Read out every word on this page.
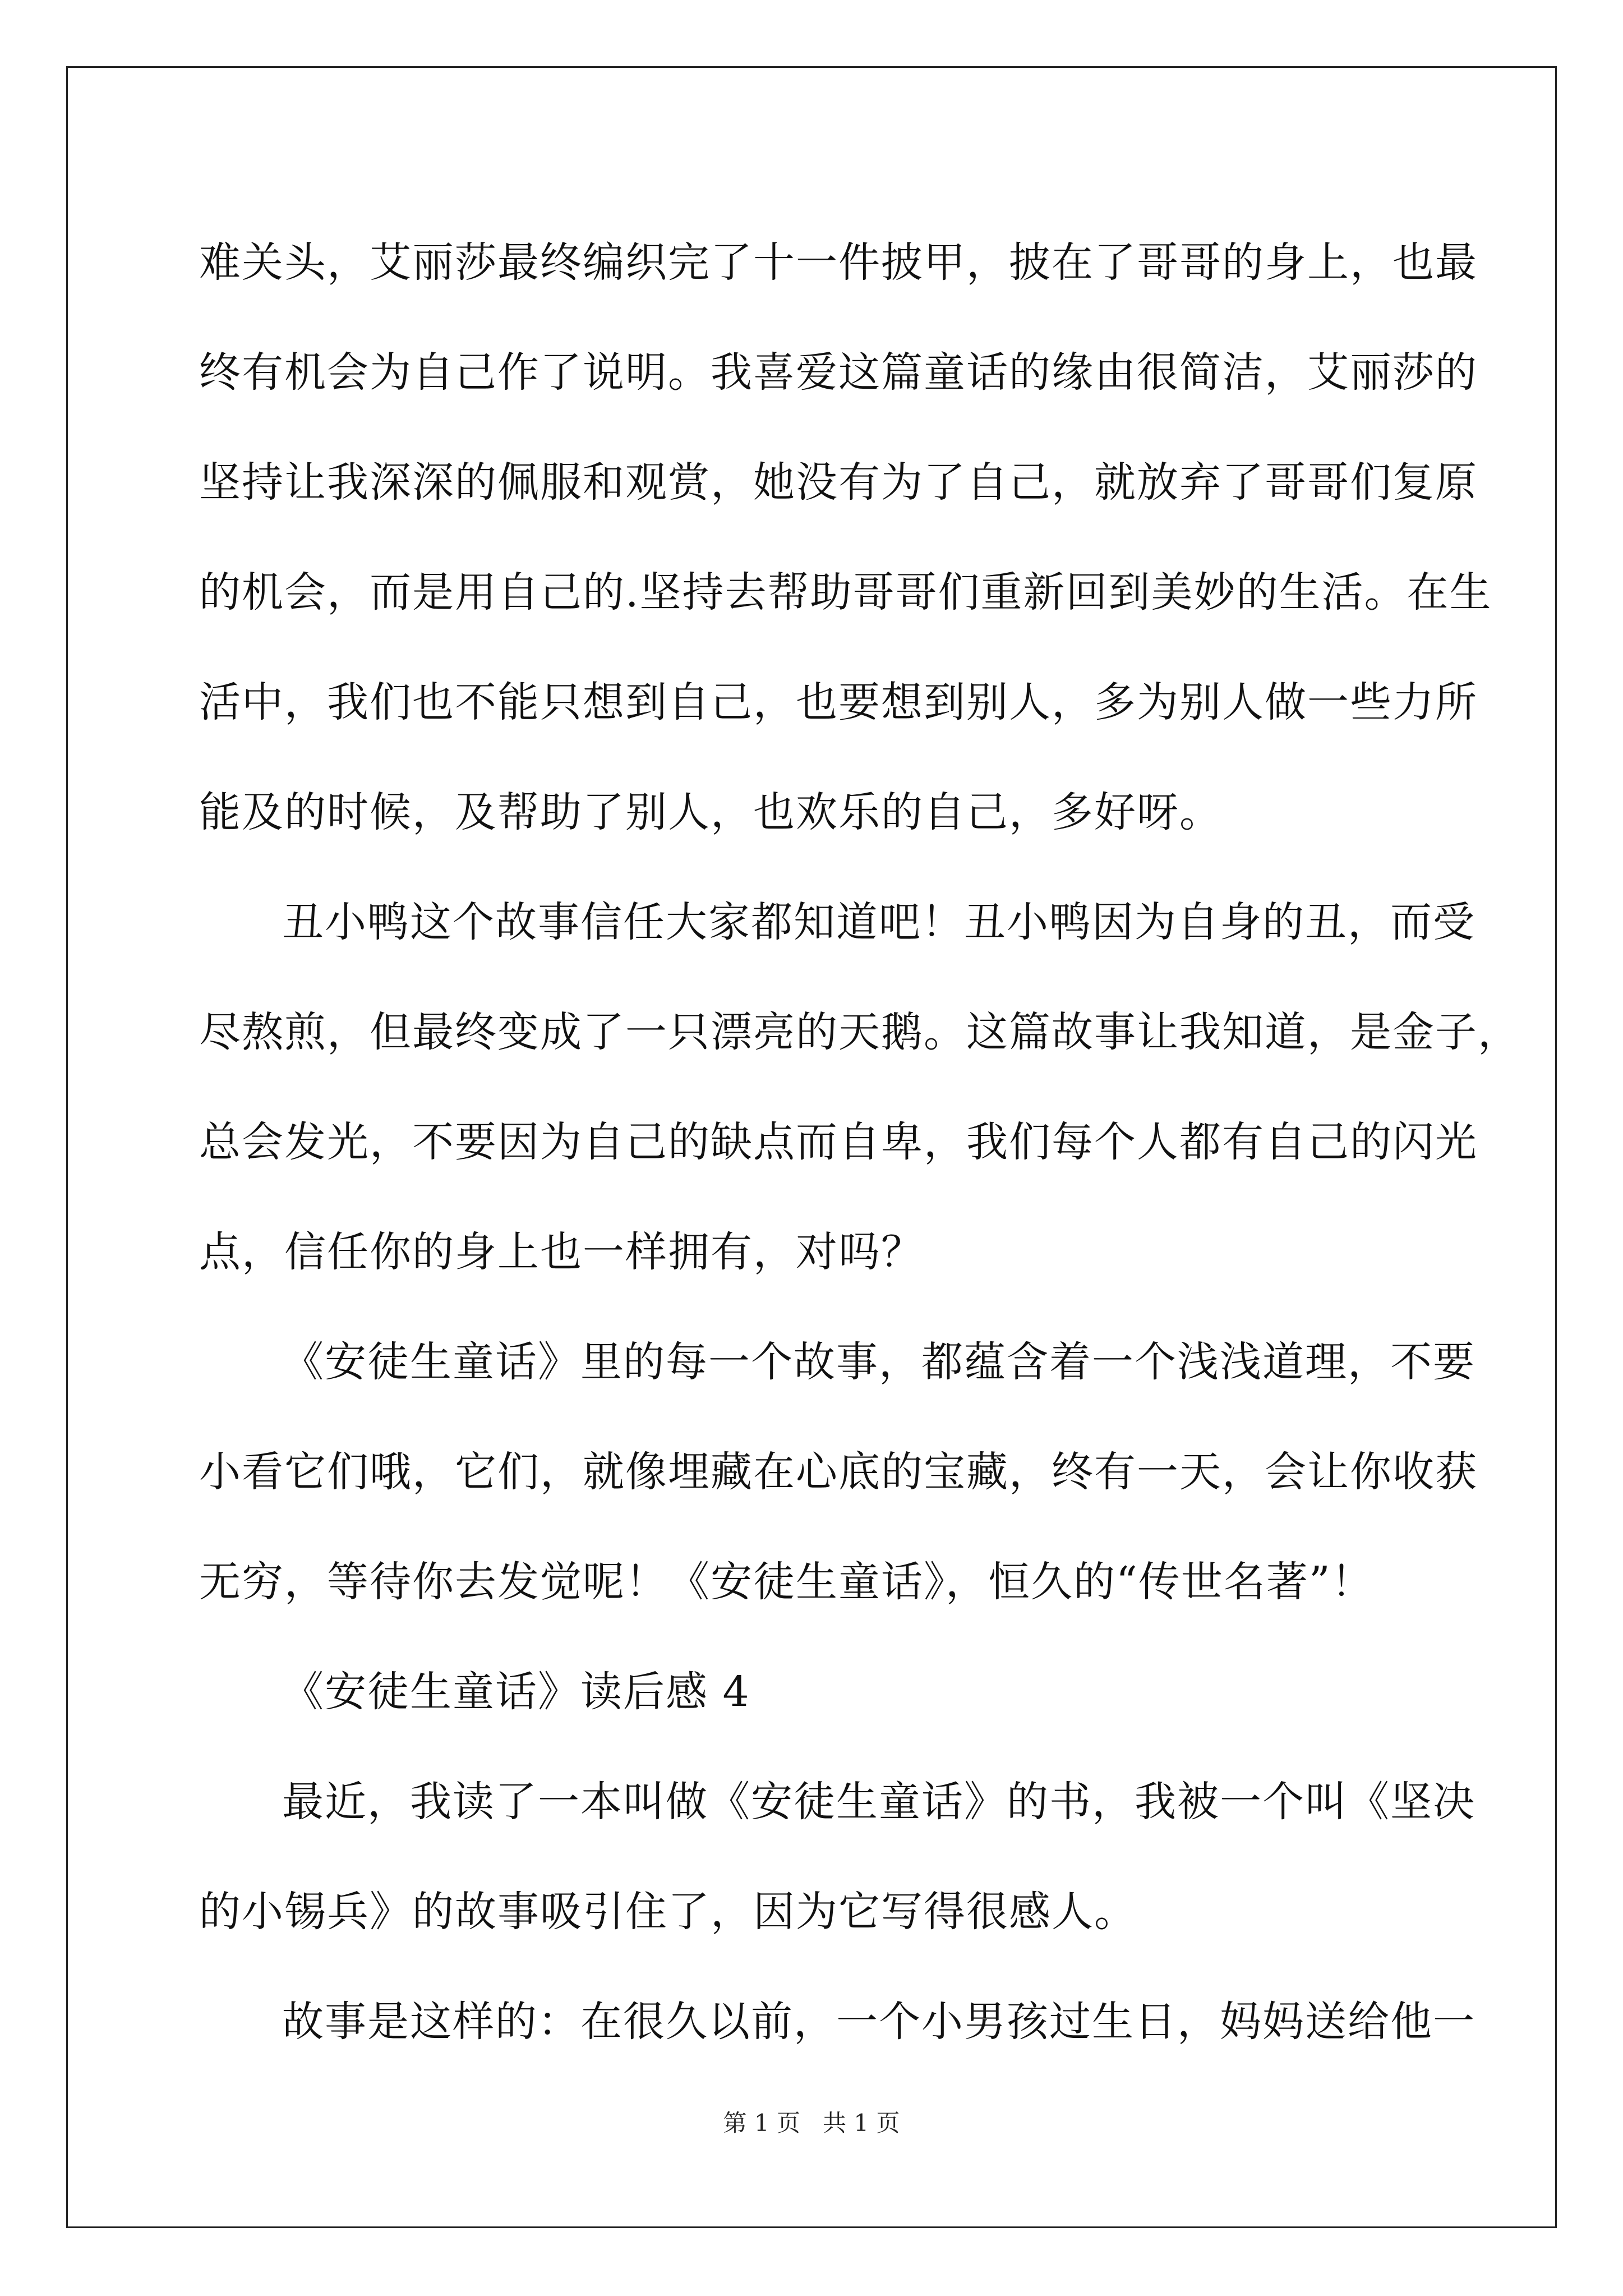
难关头，艾丽莎最终编织完了十一件披甲，披在了哥哥的身上，也最
终有机会为自己作了说明。我喜爱这篇童话的缘由很简洁，艾丽莎的
坚持让我深深的佩服和观赏，她没有为了自己，就放弃了哥哥们复原
的机会，而是用自己的.坚持去帮助哥哥们重新回到美妙的生活。在生
活中，我们也不能只想到自己，也要想到别人，多为别人做一些力所
能及的时候，及帮助了别人，也欢乐的自己，多好呀。
丑小鸭这个故事信任大家都知道吧！丑小鸭因为自身的丑，而受
尽熬煎，但最终变成了一只漂亮的天鹅。这篇故事让我知道，是金子，
总会发光，不要因为自己的缺点而自卑，我们每个人都有自己的闪光
点，信任你的身上也一样拥有，对吗？
《安徒生童话》里的每一个故事，都蕴含着一个浅浅道理，不要
小看它们哦，它们，就像埋藏在心底的宝藏，终有一天，会让你收获
无穷，等待你去发觉呢！《安徒生童话》，恒久的“传世名著”！
《安徒生童话》读后感 4
最近，我读了一本叫做《安徒生童话》的书，我被一个叫《坚决
的小锡兵》的故事吸引住了，因为它写得很感人。
故事是这样的：在很久以前，一个小男孩过生日，妈妈送给他一
第 1 页   共 1 页
